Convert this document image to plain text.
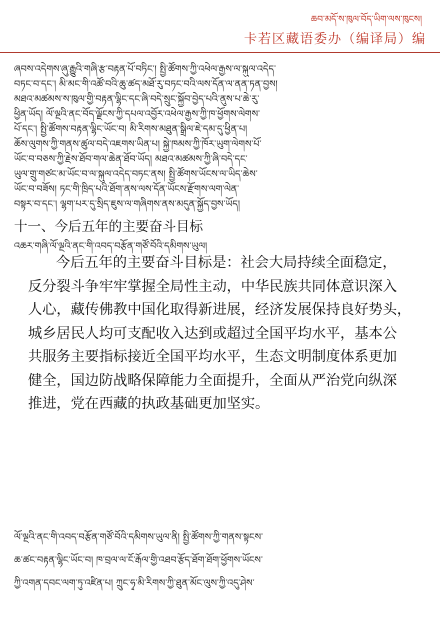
ཆབ་མདོ་ས་ཁུལ་བོད་ཡིག་ལས་ཁུངས།
卡若区藏语委办（编译局）编
ཞབས་འདེགས་ཞུ་རྒྱུའི་གཞི་རྩ་བརྟན་པོ་བཏིང་། སྤྱི་ཚོགས་ཀྱི་འཕེལ་རྒྱས་ལ་སྐུལ་འདེད་
བཏང་བ་དང་། མི་མང་གི་འཚོ་བའི་ཆུ་ཚད་མཐོ་རུ་བཏང་བའི་ལས་དོན་ལ་ནན་ཏན་བྱས།
མཐའ་མཚམས་ས་ཁུལ་གྱི་བརྟན་ལྷིང་དང་ཞི་བདེ་སྲུང་སྐྱོབ་བྱེད་པའི་ནུས་པ་ཆེ་རུ་
ཕྱིན་ཡོད། ལོ་ལྔའི་ནང་བོད་ལྗོངས་ཀྱི་དཔལ་འབྱོར་འཕེལ་རྒྱས་ཀྱི་ཁ་ཕྱོགས་ལེགས་
པོ་དང་། སྤྱི་ཚོགས་བརྟན་ལྷིང་ཡོང་བ། མི་རིགས་མཐུན་སྒྲིལ་ཇེ་དམ་དུ་ཕྱིན་པ།
ཆོས་ལུགས་ཀྱི་གནས་ཚུལ་བདེ་འཇགས་ཡིན་པ། སྐྱེ་ཁམས་ཀྱི་ཁོར་ཡུག་ལེགས་པོ་
ཡོང་བ་བཅས་ཀྱི་རྗེས་ཐོབ་གལ་ཆེན་ཐོབ་ཡོད། མཐའ་མཚམས་ཀྱི་ཞི་བདེ་དང་
ཡུལ་གྲུ་གཙང་མ་ཡོང་བ་ལ་སྐུལ་འདེད་བཏང་ནས། སྤྱི་ཚོགས་ཡོངས་ལ་ཡིད་ཆེས་
ཡོང་བ་བཟོས། ཏང་གི་ཁྲིད་པའི་ཐོག་ནས་ལས་དོན་ཡོངས་རྫོགས་ལག་ལེན་
བསྟར་བ་དང་། ལྷག་པར་དུ་སྲིད་ཇུས་ལ་གཞིགས་ནས་མདུན་སྐྱོད་བྱས་ཡོད།
十一、今后五年的主要奋斗目标
འཆར་གཞི་ལོ་ལྔའི་ནང་གི་འབད་བརྩོན་གཙོ་བོའི་དམིགས་ཡུལ།
今后五年的主要奋斗目标是：社会大局持续全面稳定，
反分裂斗争牢牢掌握全局性主动，中华民族共同体意识深入
人心，藏传佛教中国化取得新进展，经济发展保持良好势头，
城乡居民人均可支配收入达到或超过全国平均水平，基本公
共服务主要指标接近全国平均水平，生态文明制度体系更加
健全，国边防战略保障能力全面提升，全面从严治党向纵深
推进，党在西藏的执政基础更加坚实。
ལོ་ལྔའི་ནང་གི་འབད་བརྩོན་གཙོ་བོའི་དམིགས་ཡུལ་ནི། སྤྱི་ཚོགས་ཀྱི་གནས་སྟངས་
ཆ་ཚང་བརྟན་ལྷིང་ཡོང་བ། ཁ་བྲལ་ལ་ངོ་རྒོལ་གྱི་འཐབ་རྩོད་ཐོག་ཐོག་ཕྱོགས་ཡོངས་
ཀྱི་འགན་དབང་ལག་ཏུ་འཛིན་པ། ཀྲུང་ཧྭ་མི་རིགས་ཀྱི་ཐུན་མོང་ལུས་ཀྱི་འདུ་ཤེས་
